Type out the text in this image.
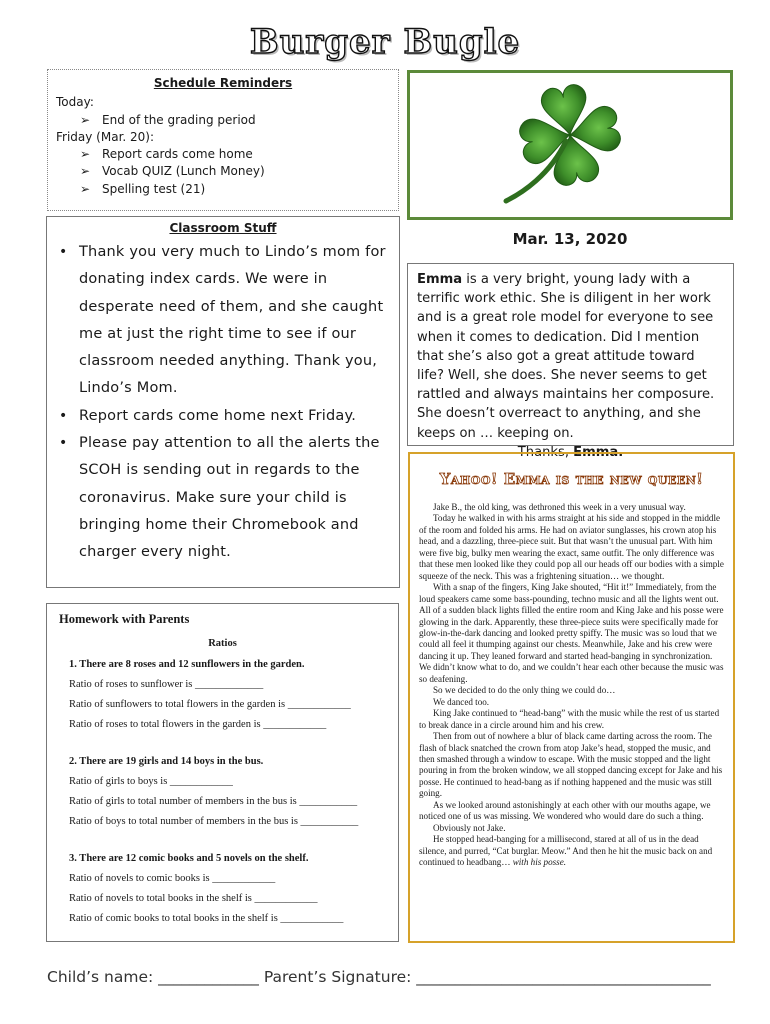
Burger Bugle
Schedule Reminders
Today:
➢ End of the grading period
Friday (Mar. 20):
➢ Report cards come home
➢ Vocab QUIZ (Lunch Money)
➢ Spelling test (21)
Classroom Stuff
• Thank you very much to Lindo’s mom for donating index cards. We were in desperate need of them, and she caught me at just the right time to see if our classroom needed anything. Thank you, Lindo’s Mom.
• Report cards come home next Friday.
• Please pay attention to all the alerts the SCOH is sending out in regards to the coronavirus. Make sure your child is bringing home their Chromebook and charger every night.
Mar. 13, 2020
Emma is a very bright, young lady with a terrific work ethic. She is diligent in her work and is a great role model for everyone to see when it comes to dedication. Did I mention that she’s also got a great attitude toward life? Well, she does. She never seems to get rattled and always maintains her composure. She doesn’t overreact to anything, and she keeps on … keeping on.
Thanks, Emma.
Yahoo! Emma is the new queen!

Jake B., the old king, was dethroned this week in a very unusual way.

Today he walked in with his arms straight at his side and stopped in the middle of the room and folded his arms. He had on aviator sunglasses, his crown atop his head, and a dazzling, three-piece suit. But that wasn’t the unusual part. With him were five big, bulky men wearing the exact, same outfit. The only difference was that these men looked like they could pop all our heads off our bodies with a simple squeeze of the neck. This was a frightening situation… we thought.

With a snap of the fingers, King Jake shouted, “Hit it!” Immediately, from the loud speakers came some bass-pounding, techno music and all the lights went out. All of a sudden black lights filled the entire room and King Jake and his posse were glowing in the dark. Apparently, these three-piece suits were specifically made for glow-in-the-dark dancing and looked pretty spiffy. The music was so loud that we could all feel it thumping against our chests. Meanwhile, Jake and his crew were dancing it up. They leaned forward and started head-banging in synchronization. We didn’t know what to do, and we couldn’t hear each other because the music was so deafening.

So we decided to do the only thing we could do…

We danced too.

King Jake continued to “head-bang” with the music while the rest of us started to break dance in a circle around him and his crew.

Then from out of nowhere a blur of black came darting across the room. The flash of black snatched the crown from atop Jake’s head, stopped the music, and then smashed through a window to escape. With the music stopped and the light pouring in from the broken window, we all stopped dancing except for Jake and his posse. He continued to head-bang as if nothing happened and the music was still going.

As we looked around astonishingly at each other with our mouths agape, we noticed one of us was missing. We wondered who would dare do such a thing.

Obviously not Jake.

He stopped head-banging for a millisecond, stared at all of us in the dead silence, and purred, “Cat burglar. Meow.” And then he hit the music back on and continued to headbang… with his posse.

Homework with Parents
Ratios
1. There are 8 roses and 12 sunflowers in the garden.
Ratio of roses to sunflower is _____________
Ratio of sunflowers to total flowers in the garden is ____________
Ratio of roses to total flowers in the garden is ____________
2. There are 19 girls and 14 boys in the bus.
Ratio of girls to boys is ____________
Ratio of girls to total number of members in the bus is ___________
Ratio of boys to total number of members in the bus is ___________
3. There are 12 comic books and 5 novels on the shelf.
Ratio of novels to comic books is ____________
Ratio of novels to total books in the shelf is ____________
Ratio of comic books to total books in the shelf is ____________
Child’s name: _____________ Parent’s Signature: ______________________________________
